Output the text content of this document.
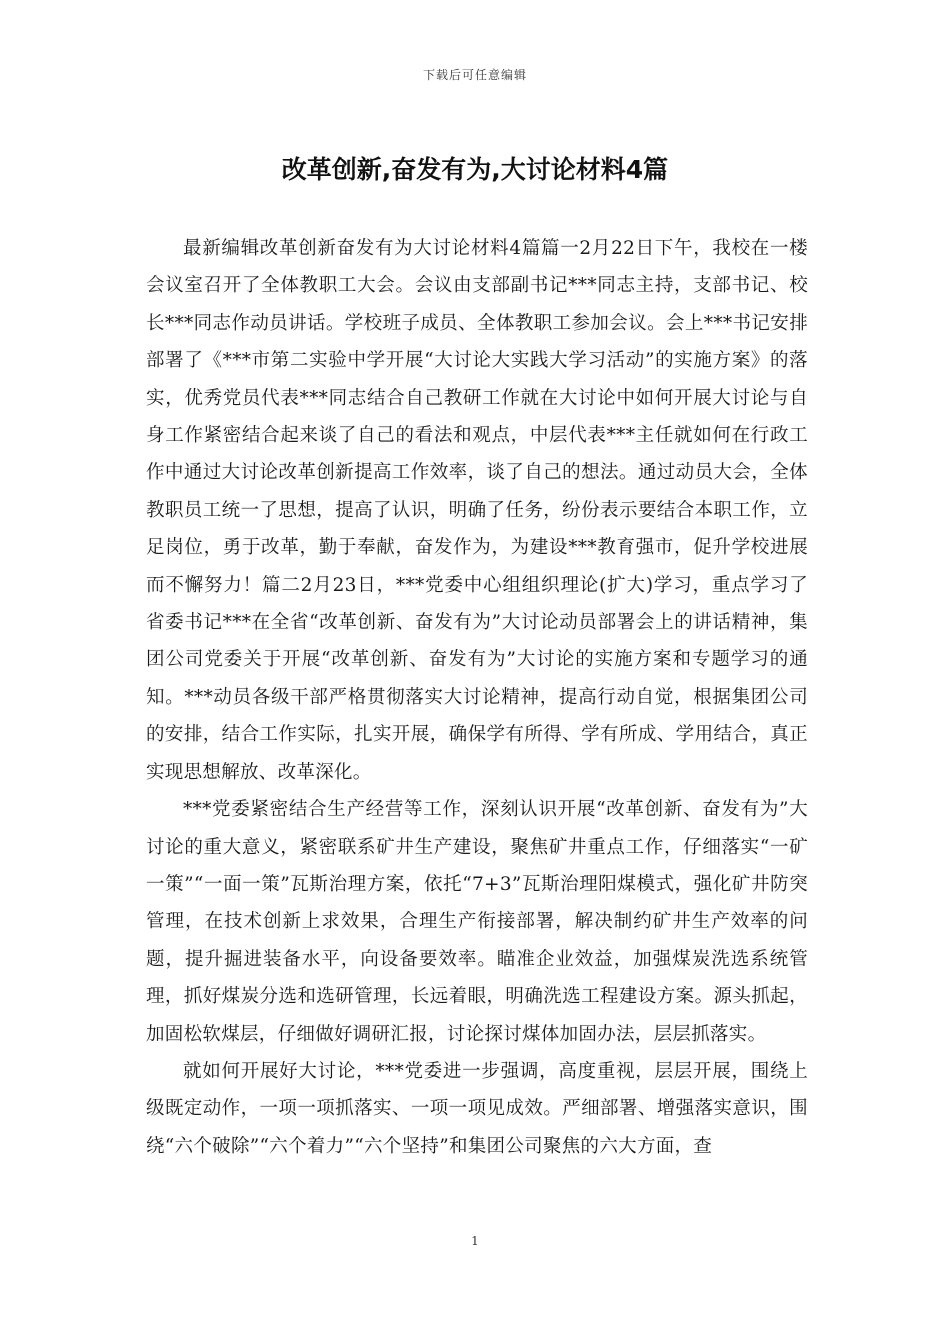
下载后可任意编辑
改革创新,奋发有为,大讨论材料4篇

最新编辑改革创新奋发有为大讨论材料4篇篇一2月22日下午，我校在一楼会议室召开了全体教职工大会。会议由支部副书记***同志主持，支部书记、校长***同志作动员讲话。学校班子成员、全体教职工参加会议。会上***书记安排部署了《***市第二实验中学开展“大讨论大实践大学习活动”的实施方案》的落实，优秀党员代表***同志结合自己教研工作就在大讨论中如何开展大讨论与自身工作紧密结合起来谈了自己的看法和观点，中层代表***主任就如何在行政工作中通过大讨论改革创新提高工作效率，谈了自己的想法。通过动员大会，全体教职员工统一了思想，提高了认识，明确了任务，纷份表示要结合本职工作，立足岗位，勇于改革，勤于奉献，奋发作为，为建设***教育强市，促升学校进展而不懈努力！篇二2月23日，***党委中心组组织理论(扩大)学习，重点学习了省委书记***在全省“改革创新、奋发有为”大讨论动员部署会上的讲话精神，集团公司党委关于开展“改革创新、奋发有为”大讨论的实施方案和专题学习的通知。***动员各级干部严格贯彻落实大讨论精神，提高行动自觉，根据集团公司的安排，结合工作实际，扎实开展，确保学有所得、学有所成、学用结合，真正实现思想解放、改革深化。

***党委紧密结合生产经营等工作，深刻认识开展“改革创新、奋发有为”大讨论的重大意义，紧密联系矿井生产建设，聚焦矿井重点工作，仔细落实“一矿一策”“一面一策”瓦斯治理方案，依托“7+3”瓦斯治理阳煤模式，强化矿井防突管理，在技术创新上求效果，合理生产衔接部署，解决制约矿井生产效率的问题，提升掘进装备水平，向设备要效率。瞄准企业效益，加强煤炭洗选系统管理，抓好煤炭分选和选研管理，长远着眼，明确洗选工程建设方案。源头抓起，加固松软煤层，仔细做好调研汇报，讨论探讨煤体加固办法，层层抓落实。

就如何开展好大讨论，***党委进一步强调，高度重视，层层开展，围绕上级既定动作，一项一项抓落实、一项一项见成效。严细部署、增强落实意识，围绕“六个破除”“六个着力”“六个坚持”和集团公司聚焦的六大方面，查

1
